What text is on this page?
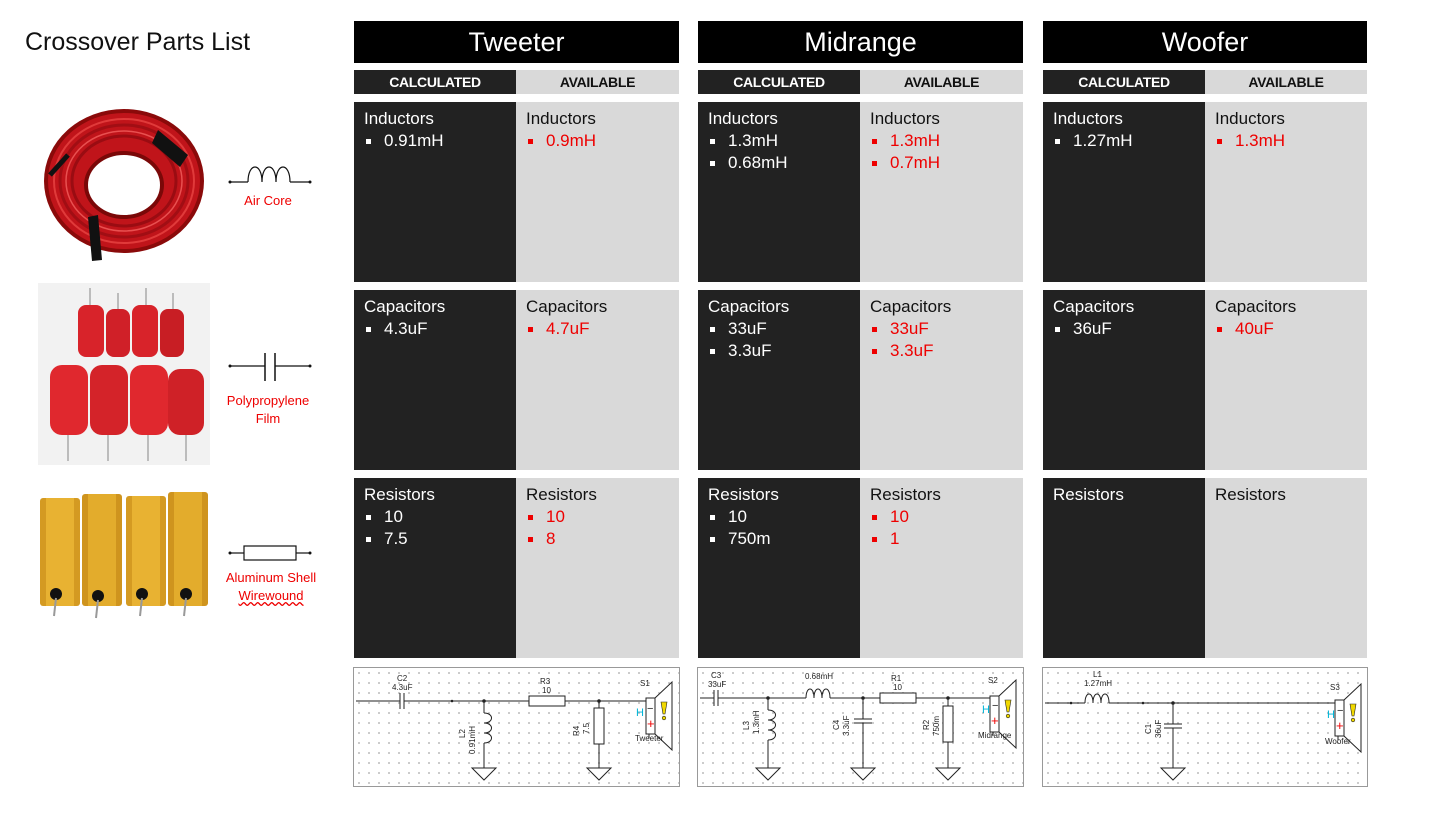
Crossover Parts List
Air Core
Polypropylene
Film
Aluminum Shell
Wirewound
Tweeter
CALCULATED	AVAILABLE
Inductors
0.91mH
Inductors
0.9mH
Capacitors
4.3uF
Capacitors
4.7uF
Resistors
10
7.5
Resistors
10
8
Midrange
CALCULATED	AVAILABLE
Inductors
1.3mH
0.68mH
Inductors
1.3mH
0.7mH
Capacitors
33uF
3.3uF
Capacitors
33uF
3.3uF
Resistors
10
750m
Resistors
10
1
Woofer
CALCULATED	AVAILABLE
Inductors
1.27mH
Inductors
1.3mH
Capacitors
36uF
Capacitors
40uF
Resistors	Resistors
C2
4.3uF
R3
10
S1
Tweeter
L2 0.91mH	R4 7.5
H −
+
C3
33uF
0.68mH	R1
10
S2
Midrange
L3 1.3mH	C4 3.3uF	R2 750m
H −
+
L1
1.27mH	S3
Woofer
C1 36uF
H −
+
